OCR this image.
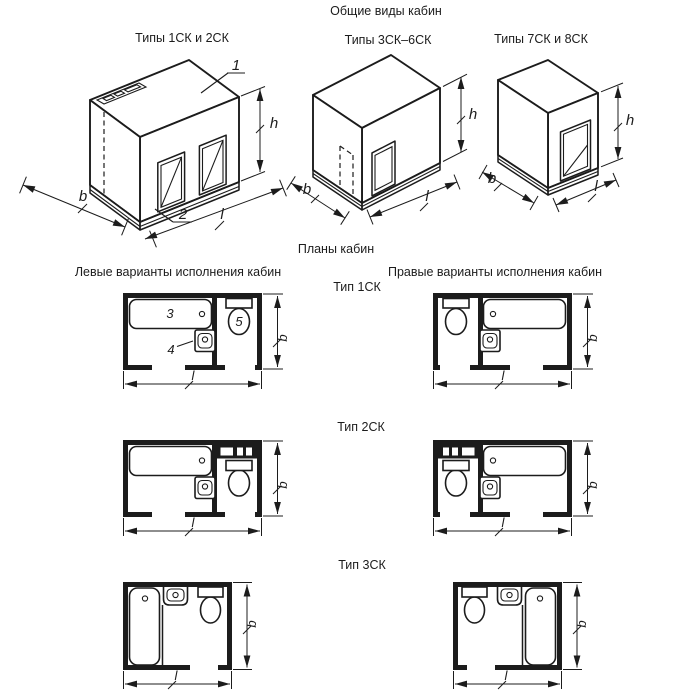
Общие виды кабин
Типы 1СК и 2СК	Типы 3СК–6СК	Типы 7СК и 8СК
Планы кабин
Левые варианты исполнения кабин	Правые варианты исполнения кабин
Тип 1СК
Тип 2СК
Тип 3СК
1
2
h
b
l
h
b	l
h
b	l
3
4
5
b
l
b
l
b
l
b
l
b
l
b
l
